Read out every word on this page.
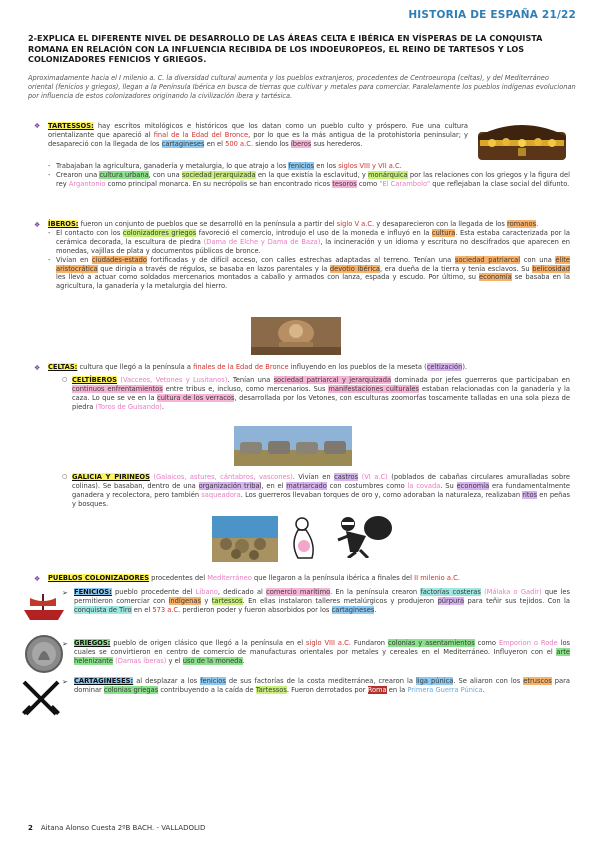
HISTORIA DE ESPAÑA 21/22
2-EXPLICA EL DIFERENTE NIVEL DE DESARROLLO DE LAS ÁREAS CELTA E IBÉRICA EN VÍSPERAS DE LA CONQUISTA ROMANA EN RELACIÓN CON LA INFLUENCIA RECIBIDA DE LOS INDOEUROPEOS, EL REINO DE TARTESOS Y LOS COLONIZADORES FENICIOS Y GRIEGOS.
Aproximadamente hacia el I milenio a. C. la diversidad cultural aumenta y los pueblos extranjeros, procedentes de Centroeuropa (celtas), y del Mediterráneo oriental (fenicios y griegos), llegan a la Península Ibérica en busca de tierras que cultivar y metales para comerciar. Paralelamente los pueblos indígenas evolucionan por influencia de estos colonizadores originando la civilización íbera y tartésica.
❖ TARTESSOS: hay escritos mitológicos e históricos que los datan como un pueblo culto y próspero. Fue una cultura orientalizante que apareció al final de la Edad del Bronce, por lo que es la más antigua de la protohistoria peninsular; y desapareció con la llegada de los cartagineses en el 500 a.C. siendo los íberos sus herederos.

- Trabajaban la agricultura, ganadería y metalurgia, lo que atrajo a los fenicios en los siglos VIII y VII a.C.

- Crearon una cultura urbana, con una sociedad jerarquizada en la que existía la esclavitud, y monárquica por las relaciones con los griegos y la figura del rey Argantonio como principal monarca. En su necrópolis se han encontrado ricos tesoros como "El Carambolo" que reflejaban la clase social del difunto.

❖ ÍBEROS: fueron un conjunto de pueblos que se desarrolló en la península a partir del siglo V a.C. y desaparecieron con la llegada de los romanos.

- El contacto con los colonizadores griegos favoreció el comercio, introdujo el uso de la moneda e influyó en la cultura. Esta estaba caracterizada por la cerámica decorada, la escultura de piedra (Dama de Elche y Dama de Baza), la incineración y un idioma y escritura no descifrados que aparecen en monedas, vajillas de plata y documentos públicos de bronce.

- Vivían en ciudades-estado fortificadas y de difícil acceso, con calles estrechas adaptadas al terreno. Tenían una sociedad patriarcal con una élite aristocrática que dirigía a través de régulos, se basaba en lazos parentales y la devotio ibérica, era dueña de la tierra y tenía esclavos. Su belicosidad les llevó a actuar como soldados mercenarios montados a caballo y armados con lanza, espada y escudo. Por último, su economía se basaba en la agricultura, la ganadería y la metalurgia del hierro.

❖ CELTAS: cultura que llegó a la península a finales de la Edad de Bronce influyendo en los pueblos de la meseta (celtización).

○ CELTÍBEROS (Vacceos, Vetones y Lusitanos). Tenían una sociedad patriarcal y jerarquizada dominada por jefes guerreros que participaban en continuos enfrentamientos entre tribus e, incluso, como mercenarios. Sus manifestaciones culturales estaban relacionadas con la ganadería y la caza. Lo que se ve en la cultura de los verracos, desarrollada por los Vetones, con esculturas zoomorfas toscamente talladas en una sola pieza de piedra (Toros de Guisando).

○ GALICIA Y PIRINEOS (Galaicos, astures, cántabros, vascones). Vivían en castros (VI a.C) (poblados de cabañas circulares amuralladas sobre colinas). Se basaban, dentro de una organización tribal, en el matriarcado con costumbres como la covada. Su economía era fundamentalmente ganadera y recolectora, pero también saqueadora. Los guerreros llevaban torques de oro y, como adoraban la naturaleza, realizaban ritos en peñas y bosques.

❖ PUEBLOS COLONIZADORES procedentes del Mediterráneo que llegaron a la península ibérica a finales del II milenio a.C.

➢ FENICIOS: pueblo procedente del Líbano, dedicado al comercio marítimo. En la península crearon factorías costeras (Málaka o Gadir) que les permitieron comerciar con indígenas y tartessos. En ellas instalaron talleres metalúrgicos y produjeron púrpura para teñir sus tejidos. Con la conquista de Tiro en el 573 a.C. perdieron poder y fueron absorbidos por los cartagineses.

➢ GRIEGOS: pueblo de origen clásico que llegó a la península en el siglo VIII a.C. Fundaron colonias y asentamientos como Emporion o Rode los cuales se convirtieron en centro de comercio de manufacturas orientales por metales y cereales en el Mediterráneo. Influyeron con el arte helenizante (Damas íberas) y el uso de la moneda.

➢ CARTAGINESES: al desplazar a los fenicios de sus factorías de la costa mediterránea, crearon la liga púnica. Se aliaron con los etruscos para dominar colonias griegas contribuyendo a la caída de Tartessos. Fueron derrotados por Roma en la Primera Guerra Púnica.

2 Aitana Alonso Cuesta 2ºB BACH. - VALLADOLID
